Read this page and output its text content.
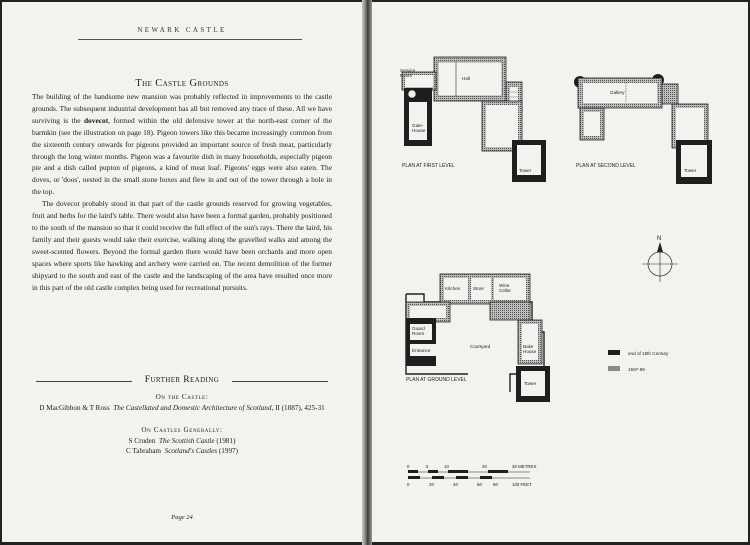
NEWARK CASTLE
The Castle Grounds

The building of the handsome new mansion was probably reflected in improvements to the castle grounds. The subsequent industrial development has all but removed any trace of these. All we have surviving is the dovecot, formed within the old defensive tower at the north-east corner of the barmkin (see the illustration on page 18). Pigeon towers like this became increasingly common from the sixteenth century onwards for pigeons provided an important source of fresh meat, particularly through the long winter months. Pigeon was a favourite dish in many households, especially pigeon pie and a dish called pupton of pigeons, a kind of meat loaf. Pigeons' eggs were also eaten. The doves, or 'doos', nested in the small stone boxes and flew in and out of the tower through a hole in the top.

The dovecot probably stood in that part of the castle grounds reserved for growing vegetables, fruit and herbs for the laird's table. There would also have been a formal garden, probably positioned to the south of the mansion so that it could receive the full effect of the sun's rays. There the laird, his family and their guests would take their exercise, walking along the gravelled walks and among the sweet-scented flowers. Beyond the formal garden there would have been orchards and more open spaces where sports like hawking and archery were carried on. The recent demolition of the former shipyard to the south and east of the castle and the landscaping of the area have resulted once more in this part of the old castle complex being used for recreational pursuits.

Further Reading
On the Castle:
D MacGibbon & T Ross The Castellated and Domestic Architecture of Scotland, II (1887), 425-31
On Castles Generally:
S Cruden The Scottish Castle (1981)
C Tabraham Scotland's Castles (1997)
Page 24
Service
Room
Hall
Gate-
House
Tower
PLAN AT FIRST LEVEL
Gallery
Tower
PLAN AT SECOND LEVEL
N
Kitchen	Store
Wine
Cellar
Guard
Room
Entrance
Courtyard	Bake
House
Tower
PLAN AT GROUND LEVEL
end of 15th Century
1597-99
0	5	10	20	30 METRES
0	20	40	60	80	100 FEET
